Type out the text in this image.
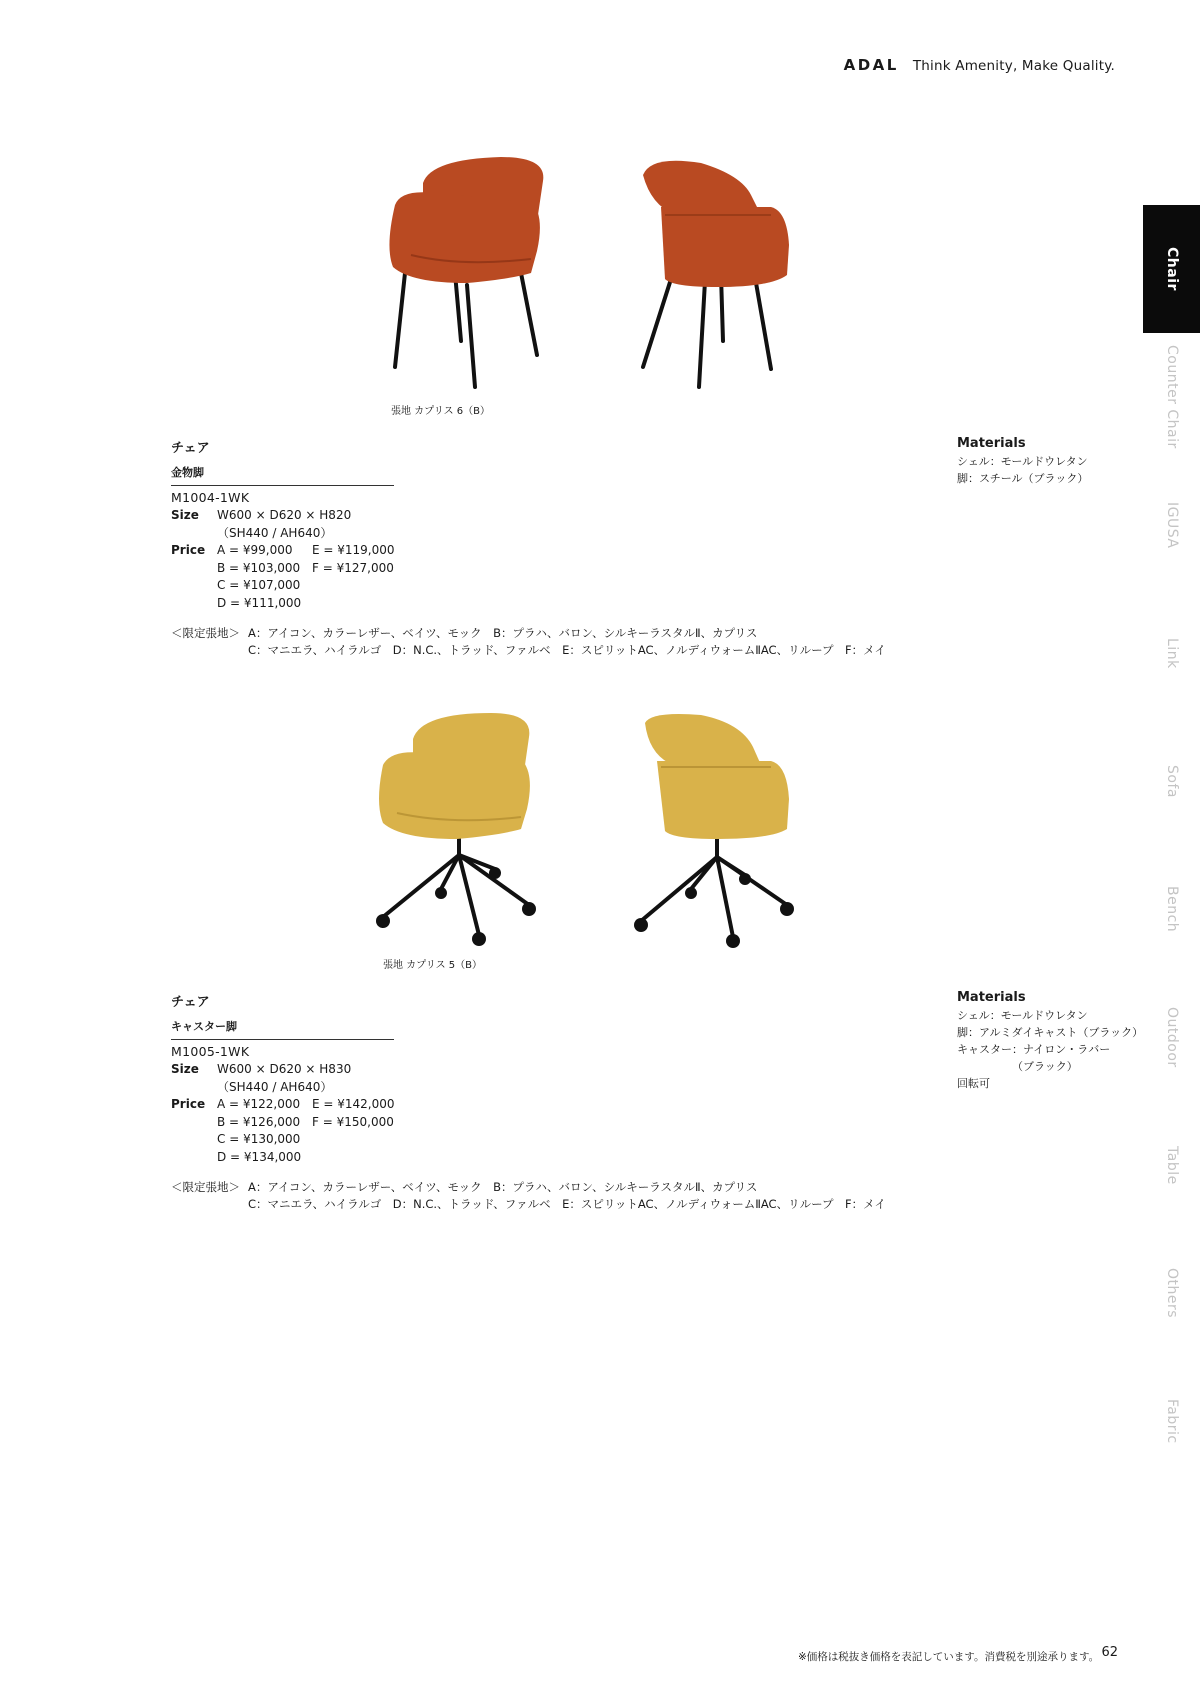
ADAL Think Amenity, Make Quality.
Chair
Counter Chair
IGUSA
Link
Sofa
Bench
Outdoor
Table
Others
Fabric
張地 カプリス 6（B）
チェア
金物脚
M1004-1WK
Size W600 × D620 × H820
（SH440 / AH640）
Price A = ¥99,000	E = ¥119,000
B = ¥103,000 F = ¥127,000
C = ¥107,000
D = ¥111,000
＜限定張地＞ A：アイコン、カラーレザー、ベイツ、モック　B：プラハ、バロン、シルキーラスタルⅡ、カプリス
C：マニエラ、ハイラルゴ　D：N.C.、トラッド、ファルベ　E：スピリットAC、ノルディウォームⅡAC、リループ　F：メイ
Materials
シェル：モールドウレタン
脚：スチール（ブラック）
張地 カプリス 5（B）
チェア
キャスター脚
M1005-1WK
Size W600 × D620 × H830
（SH440 / AH640）
Price A = ¥122,000 E = ¥142,000
B = ¥126,000 F = ¥150,000
C = ¥130,000
D = ¥134,000
＜限定張地＞ A：アイコン、カラーレザー、ベイツ、モック　B：プラハ、バロン、シルキーラスタルⅡ、カプリス
C：マニエラ、ハイラルゴ　D：N.C.、トラッド、ファルベ　E：スピリットAC、ノルディウォームⅡAC、リループ　F：メイ
Materials
シェル：モールドウレタン
脚：アルミダイキャスト（ブラック）
キャスター：ナイロン・ラバー
（ブラック）
回転可
※価格は税抜き価格を表記しています。消費税を別途承ります。 62
